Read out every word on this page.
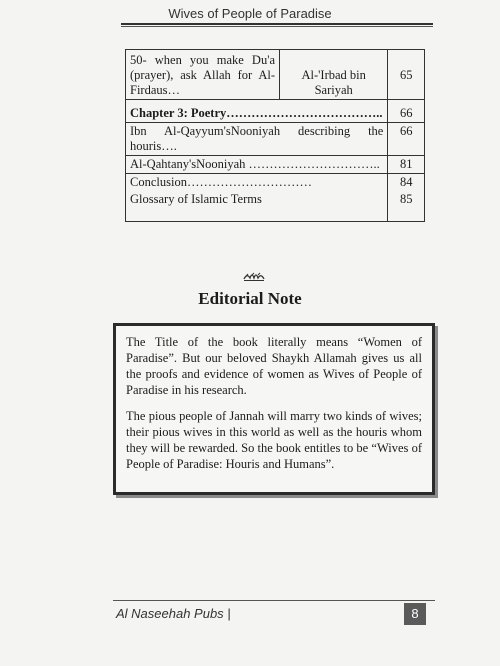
Wives of People of Paradise
50- when you make Du'a (prayer), ask Allah for Al-Firdaus…	Al-'Irbad bin Sariyah	65
Chapter 3: Poetry………………………………..		66
Ibn Al-Qayyum'sNooniyah describing the houris….		66
Al-Qahtany'sNooniyah …………………………..		81
Conclusion…………………………		84
Glossary of Islamic Terms		85
Editorial Note

The Title of the book literally means “Women of Paradise”. But our beloved Shaykh Allamah gives us all the proofs and evidence of women as Wives of People of Paradise in his research.

The pious people of Jannah will marry two kinds of wives; their pious wives in this world as well as the houris whom they will be rewarded. So the book entitles to be “Wives of People of Paradise: Houris and Humans”.

Al Naseehah Pubs |	8
